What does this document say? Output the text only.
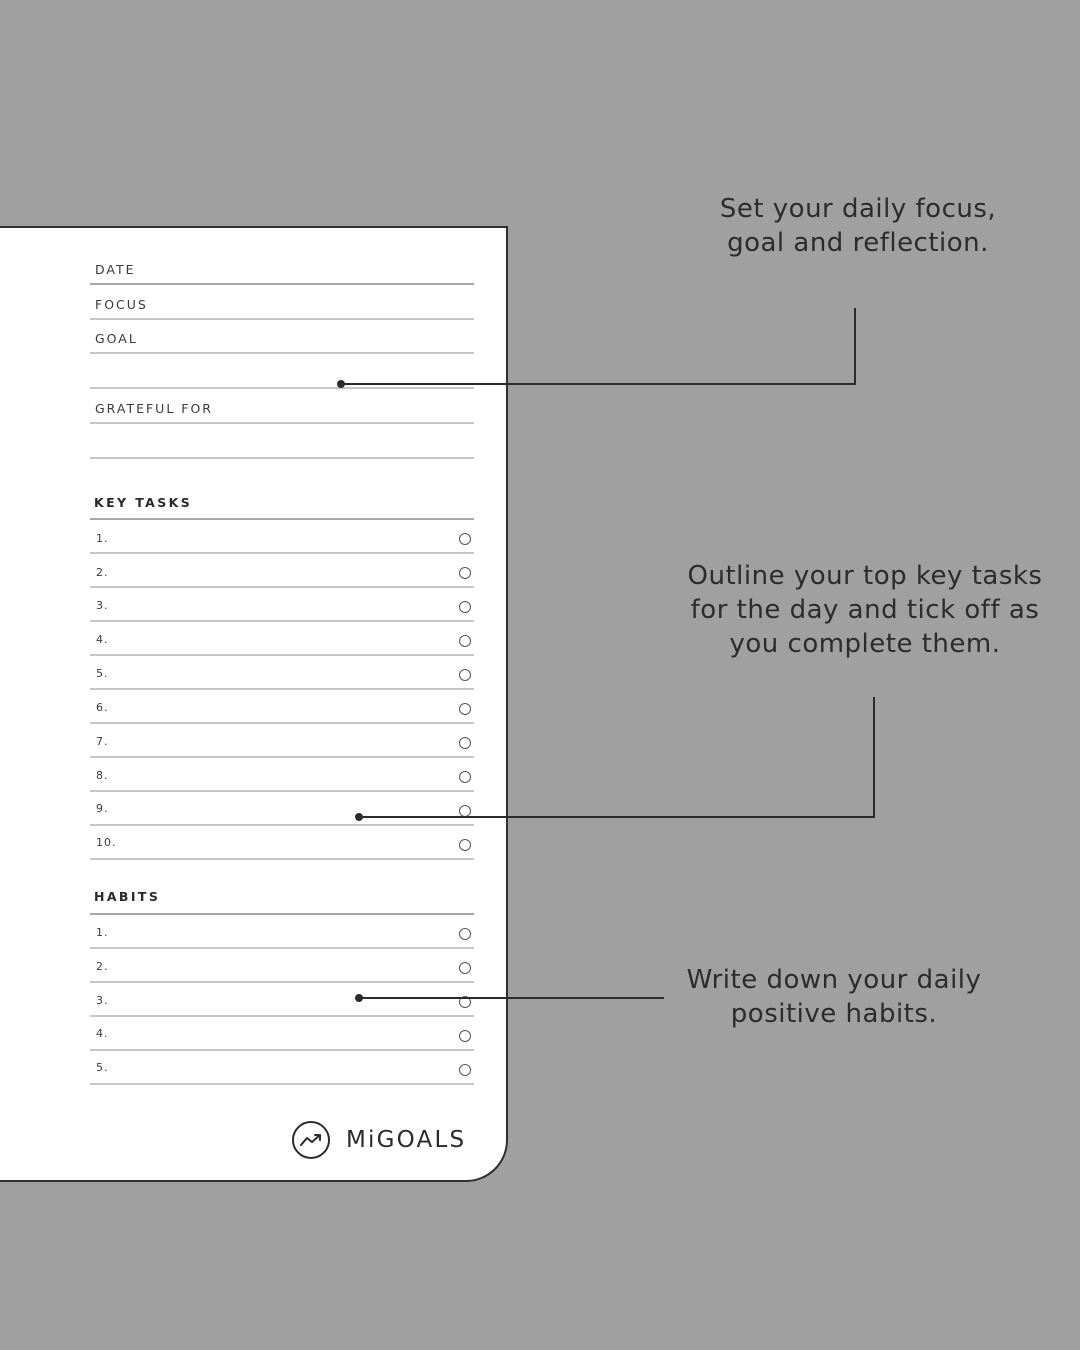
DATE
FOCUS
GOAL
GRATEFUL FOR
KEY TASKS
1.
2.
3.
4.
5.
6.
7.
8.
9.
10.
HABITS
1.
2.
3.
4.
5.
MiGOALS
Set your daily focus,
goal and reflection.
Outline your top key tasks
for the day and tick off as
you complete them.
Write down your daily
positive habits.
